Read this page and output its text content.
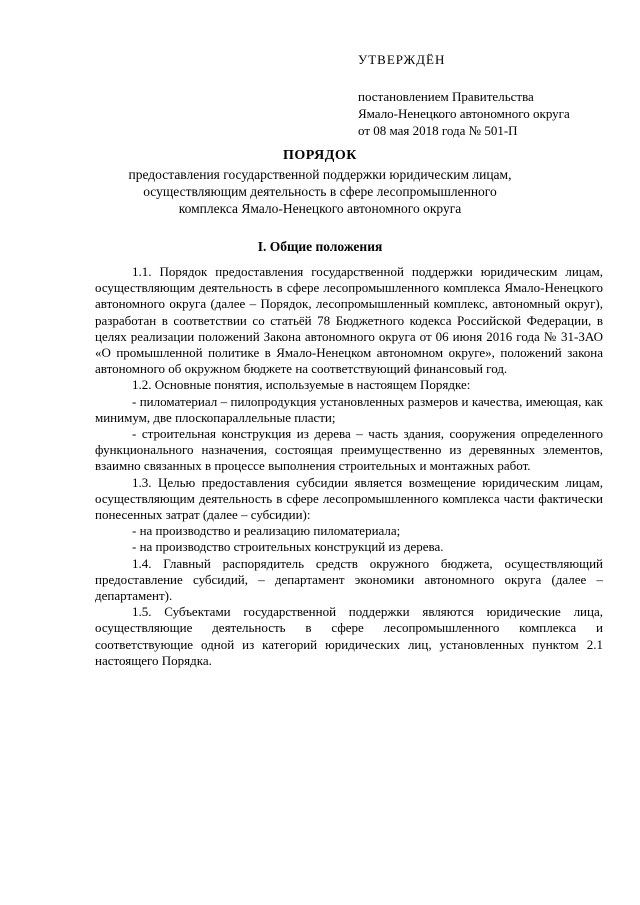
УТВЕРЖДЁН
постановлением Правительства
Ямало-Ненецкого автономного округа
от 08 мая 2018 года № 501-П
ПОРЯДОК
предоставления государственной поддержки юридическим лицам,
осуществляющим деятельность в сфере лесопромышленного
комплекса Ямало-Ненецкого автономного округа
I. Общие положения

1.1. Порядок предоставления государственной поддержки юридическим лицам, осуществляющим деятельность в сфере лесопромышленного комплекса Ямало-Ненецкого автономного округа (далее – Порядок, лесопромышленный комплекс, автономный округ), разработан в соответствии со статьёй 78 Бюджетного кодекса Российской Федерации, в целях реализации положений Закона автономного округа от 06 июня 2016 года № 31-ЗАО «О промышленной политике в Ямало-Ненецком автономном округе», положений закона автономного об окружном бюджете на соответствующий финансовый год.

1.2. Основные понятия, используемые в настоящем Порядке:

- пиломатериал – пилопродукция установленных размеров и качества, имеющая, как минимум, две плоскопараллельные пласти;

- строительная конструкция из дерева – часть здания, сооружения определенного функционального назначения, состоящая преимущественно из деревянных элементов, взаимно связанных в процессе выполнения строительных и монтажных работ.

1.3. Целью предоставления субсидии является возмещение юридическим лицам, осуществляющим деятельность в сфере лесопромышленного комплекса части фактически понесенных затрат (далее – субсидии):

- на производство и реализацию пиломатериала;

- на производство строительных конструкций из дерева.

1.4. Главный распорядитель средств окружного бюджета, осуществляющий предоставление субсидий, – департамент экономики автономного округа (далее – департамент).

1.5. Субъектами государственной поддержки являются юридические лица, осуществляющие деятельность в сфере лесопромышленного комплекса и соответствующие одной из категорий юридических лиц, установленных пунктом 2.1 настоящего Порядка.
